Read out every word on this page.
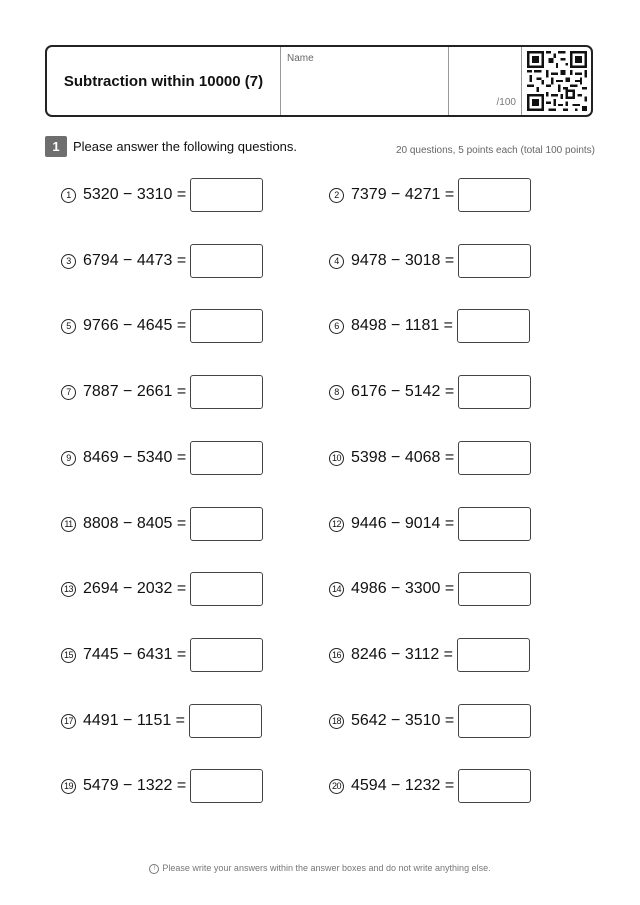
Subtraction within 10000 (7)
Name
/100
1	Please answer the following questions.	20 questions, 5 points each (total 100 points)
1 5320 − 3310 =	2 7379 − 4271 =
3 6794 − 4473 =	4 9478 − 3018 =
5 9766 − 4645 =	6 8498 − 1181 =
7 7887 − 2661 =	8 6176 − 5142 =
9 8469 − 5340 =	10 5398 − 4068 =
11 8808 − 8405 =	12 9446 − 9014 =
13 2694 − 2032 =	14 4986 − 3300 =
15 7445 − 6431 =	16 8246 − 3112 =
17 4491 − 1151 =	18 5642 − 3510 =
19 5479 − 1322 =	20 4594 − 1232 =
! Please write your answers within the answer boxes and do not write anything else.
